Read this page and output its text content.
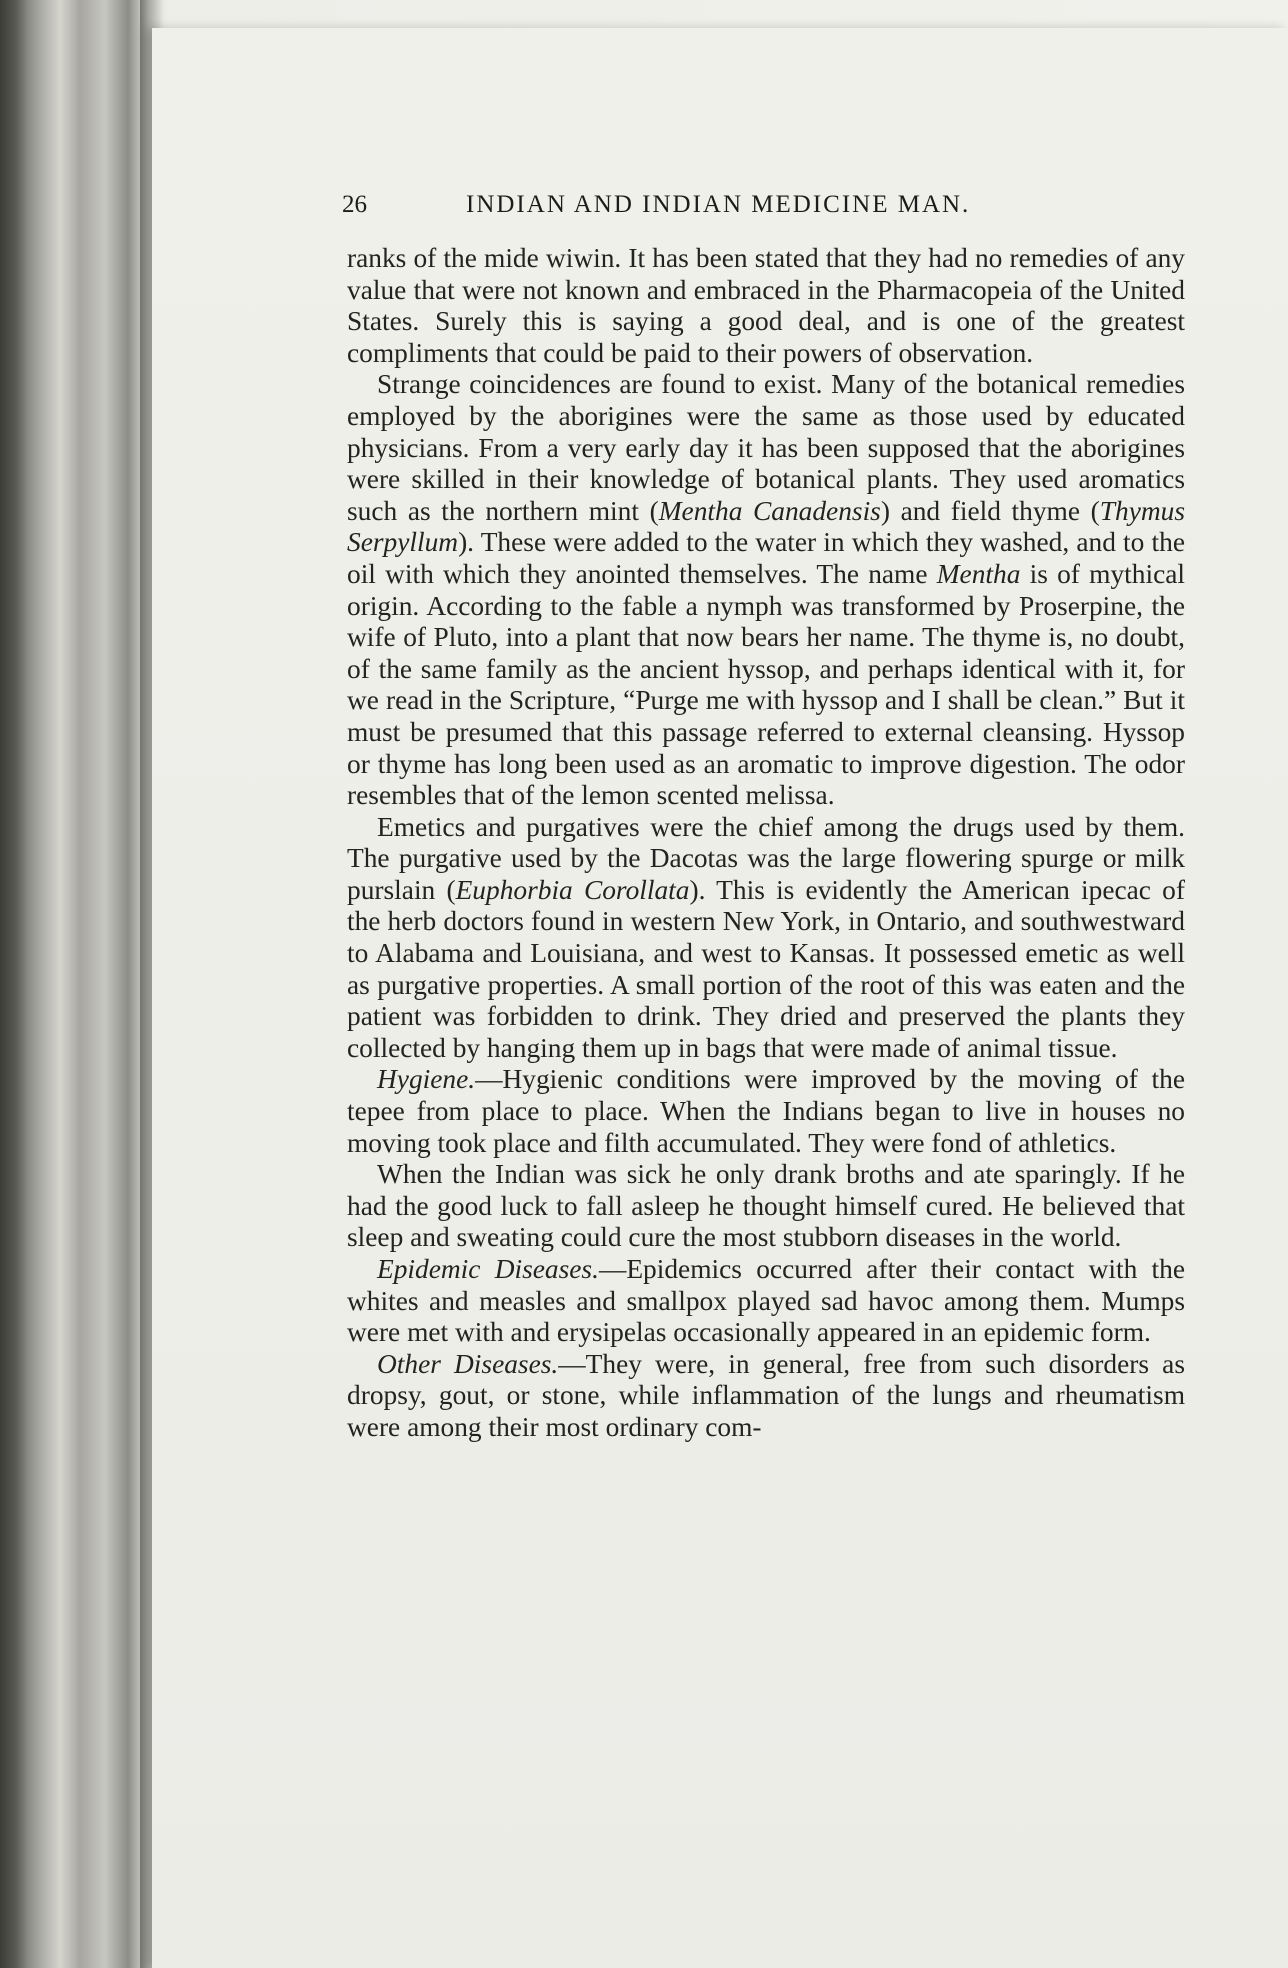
26	INDIAN AND INDIAN MEDICINE MAN.

ranks of the mide wiwin. It has been stated that they had no remedies of any value that were not known and embraced in the Pharmacopeia of the United States. Surely this is saying a good deal, and is one of the greatest compliments that could be paid to their powers of observation.

Strange coincidences are found to exist. Many of the botanical remedies employed by the aborigines were the same as those used by educated physicians. From a very early day it has been supposed that the aborigines were skilled in their knowledge of botanical plants. They used aromatics such as the northern mint (Mentha Canadensis) and field thyme (Thymus Serpyllum). These were added to the water in which they washed, and to the oil with which they anointed themselves. The name Mentha is of mythical origin. According to the fable a nymph was transformed by Proserpine, the wife of Pluto, into a plant that now bears her name. The thyme is, no doubt, of the same family as the ancient hyssop, and perhaps identical with it, for we read in the Scripture, “Purge me with hyssop and I shall be clean.” But it must be presumed that this passage referred to external cleansing. Hyssop or thyme has long been used as an aromatic to improve digestion. The odor resembles that of the lemon scented melissa.

Emetics and purgatives were the chief among the drugs used by them. The purgative used by the Dacotas was the large flowering spurge or milk purslain (Euphorbia Corollata). This is evidently the American ipecac of the herb doctors found in western New York, in Ontario, and southwestward to Alabama and Louisiana, and west to Kansas. It possessed emetic as well as purgative properties. A small portion of the root of this was eaten and the patient was forbidden to drink. They dried and preserved the plants they collected by hanging them up in bags that were made of animal tissue.

Hygiene.—Hygienic conditions were improved by the moving of the tepee from place to place. When the Indians began to live in houses no moving took place and filth accumulated. They were fond of athletics.

When the Indian was sick he only drank broths and ate sparingly. If he had the good luck to fall asleep he thought himself cured. He believed that sleep and sweating could cure the most stubborn diseases in the world.

Epidemic Diseases.—Epidemics occurred after their contact with the whites and measles and smallpox played sad havoc among them. Mumps were met with and erysipelas occasionally appeared in an epidemic form.

Other Diseases.—They were, in general, free from such disorders as dropsy, gout, or stone, while inflammation of the lungs and rheumatism were among their most ordinary com-
